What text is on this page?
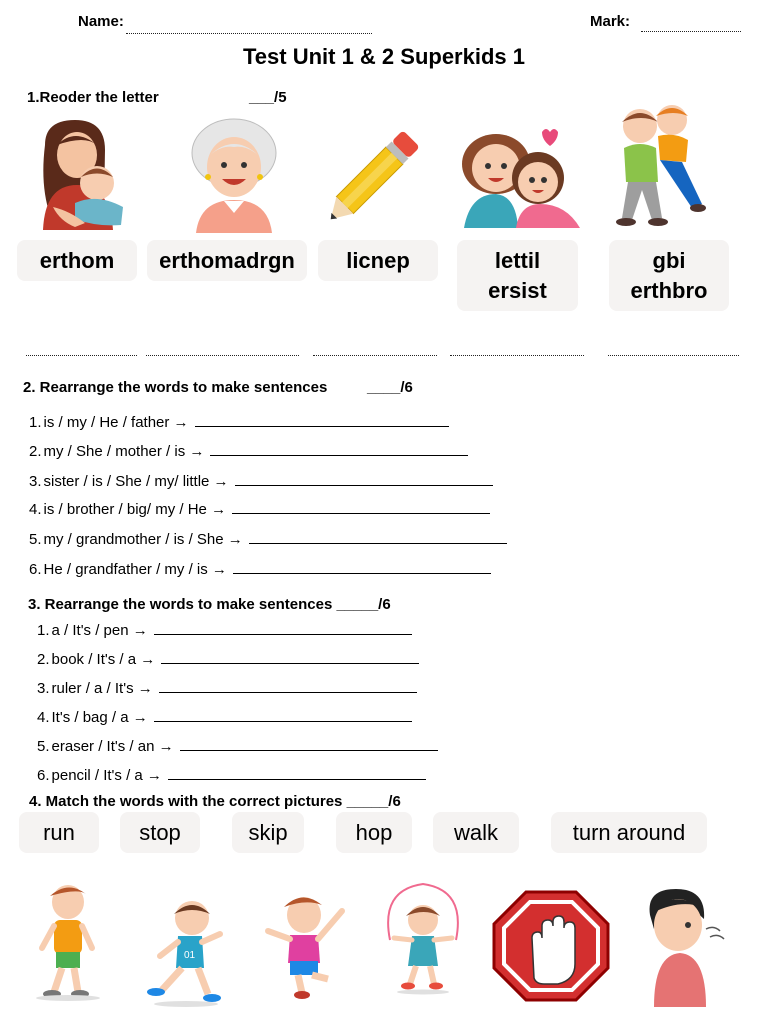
Name:	Mark:
Test Unit 1 & 2 Superkids 1
1.Reoder the letter	___/5
erthom erthomadrgn licnep	lettil
ersist
gbi
erthbro
2. Rearrange the words to make sentences	____/6
1. is / my / He / father →
2. my / She / mother / is →
3. sister / is / She / my/ little →
4. is / brother / big/ my / He →
5. my / grandmother / is / She →
6. He / grandfather / my / is →
3. Rearrange the words to make sentences _____/6
1. a / It's / pen →
2. book / It's / a →
3. ruler / a / It's →
4. It's / bag / a →
5. eraser / It's / an →
6. pencil / It's / a →
4. Match the words with the correct pictures _____/6
run	stop	skip	hop	walk	turn around
01
